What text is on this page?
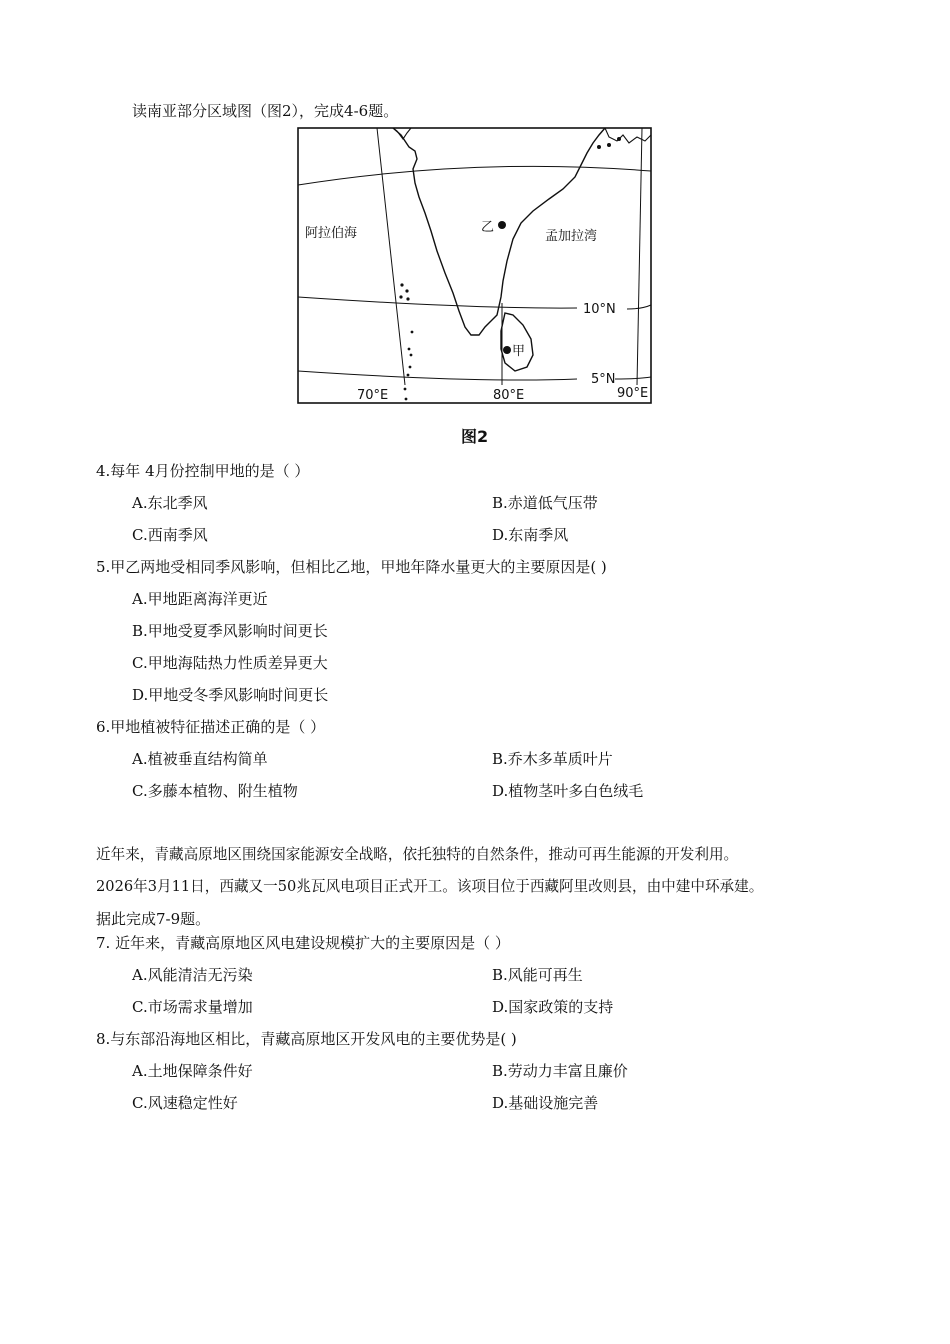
读南亚部分区域图（图2），完成4-6题。
阿拉伯海	孟加拉湾
乙
甲
10°N
5°N
70°E	80°E	90°E
图2
4.每年 4月份控制甲地的是（ ）
A.东北季风	B.赤道低气压带
C.西南季风	D.东南季风
5.甲乙两地受相同季风影响，但相比乙地，甲地年降水量更大的主要原因是( )
A.甲地距离海洋更近
B.甲地受夏季风影响时间更长
C.甲地海陆热力性质差异更大
D.甲地受冬季风影响时间更长
6.甲地植被特征描述正确的是（ ）
A.植被垂直结构简单	B.乔木多革质叶片
C.多藤本植物、附生植物	D.植物茎叶多白色绒毛
近年来，青藏高原地区围绕国家能源安全战略，依托独特的自然条件，推动可再生能源的开发利用。
2026年3月11日，西藏又一50兆瓦风电项目正式开工。该项目位于西藏阿里改则县，由中建中环承建。
据此完成7-9题。
7. 近年来，青藏高原地区风电建设规模扩大的主要原因是（ ）
A.风能清洁无污染	B.风能可再生
C.市场需求量增加	D.国家政策的支持
8.与东部沿海地区相比，青藏高原地区开发风电的主要优势是( )
A.土地保障条件好	B.劳动力丰富且廉价
C.风速稳定性好	D.基础设施完善
